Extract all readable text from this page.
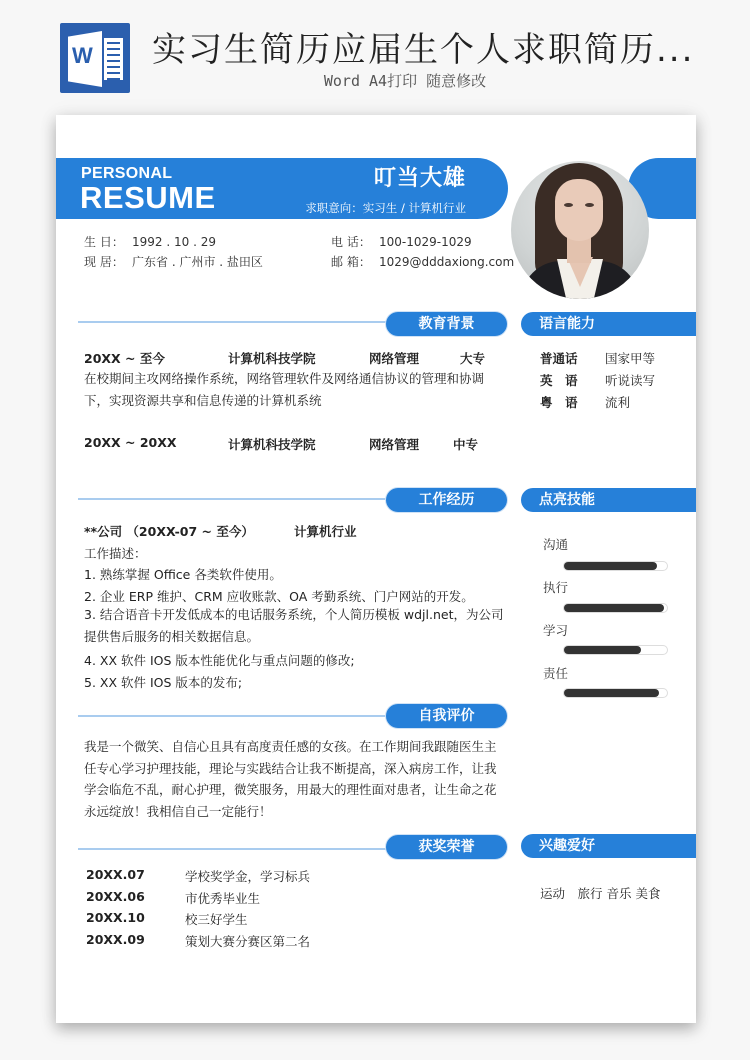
W 实习生简历应届生个人求职简历...
Word A4打印 随意修改
PERSONAL
RESUME
叮当大雄
求职意向：实习生 / 计算机行业
生 日： 1992 . 10 . 29
现 居： 广东省 . 广州市 . 盐田区
电 话： 100-1029-1029
邮 箱： 1029@dddaxiong.com
教育背景
20XX ~ 至今	计算机科技学院	网络管理	大专
在校期间主攻网络操作系统，网络管理软件及网络通信协议的管理和协调下，实现资源共享和信息传递的计算机系统
20XX ~ 20XX	计算机科技学院	网络管理	中专
语言能力
普通话 国家甲等
英　语 听说读写
粤　语 流利
工作经历
**公司 （20XX-07 ~ 至今）	计算机行业
工作描述：
1. 熟练掌握 Office 各类软件使用。
2. 企业 ERP 维护、CRM 应收账款、OA 考勤系统、门户网站的开发。
3. 结合语音卡开发低成本的电话服务系统，个人简历模板 wdjl.net，为公司提供售后服务的相关数据信息。
4. XX 软件 IOS 版本性能优化与重点问题的修改;
5. XX 软件 IOS 版本的发布;
点亮技能
沟通
执行
学习
责任
自我评价
我是一个微笑、自信心且具有高度责任感的女孩。在工作期间我跟随医生主任专心学习护理技能，理论与实践结合让我不断提高，深入病房工作，让我学会临危不乱，耐心护理，微笑服务，用最大的理性面对患者，让生命之花永远绽放！我相信自己一定能行！
获奖荣誉
20XX.07	学校奖学金，学习标兵
20XX.06	市优秀毕业生
20XX.10	校三好学生
20XX.09	策划大赛分赛区第二名
兴趣爱好
运动　旅行 音乐 美食
